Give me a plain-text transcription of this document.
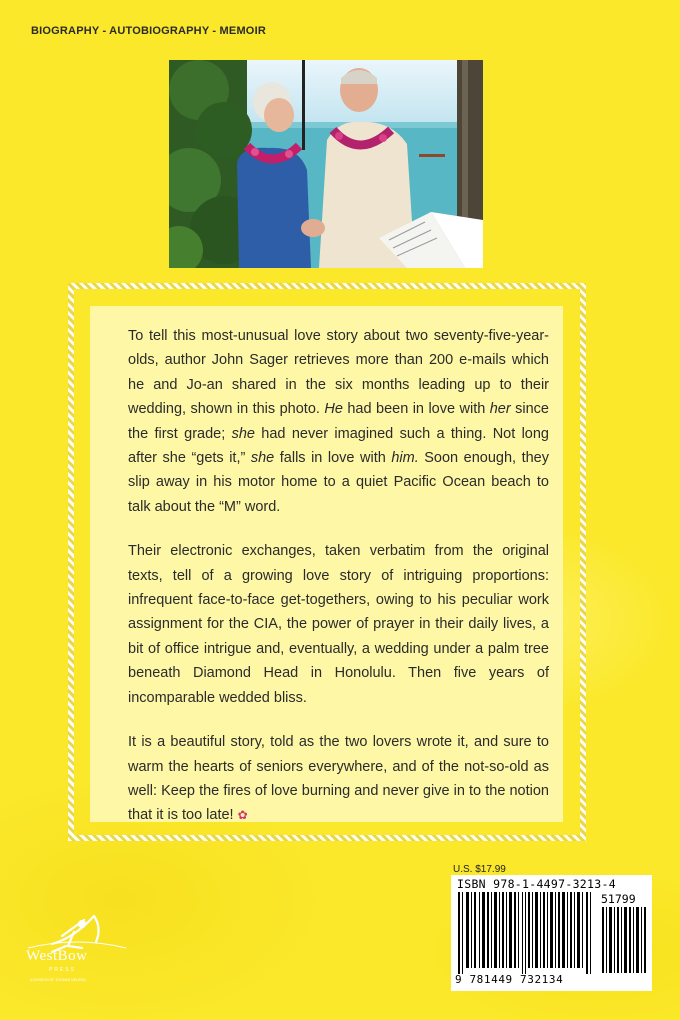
BIOGRAPHY - AUTOBIOGRAPHY - MEMOIR

To tell this most-unusual love story about two seventy-five-year-olds, author John Sager retrieves more than 200 e-mails which he and Jo-an shared in the six months leading up to their wedding, shown in this photo. He had been in love with her since the first grade; she had never imagined such a thing. Not long after she “gets it,” she falls in love with him. Soon enough, they slip away in his motor home to a quiet Pacific Ocean beach to talk about the “M” word.

Their electronic exchanges, taken verbatim from the original texts, tell of a growing love story of intriguing proportions: infrequent face-to-face get-togethers, owing to his peculiar work assignment for the CIA, the power of prayer in their daily lives, a bit of office intrigue and, eventually, a wedding under a palm tree beneath Diamond Head in Honolulu. Then five years of incomparable wedded bliss.

It is a beautiful story, told as the two lovers wrote it, and sure to warm the hearts of seniors everywhere, and of the not-so-old as well: Keep the fires of love burning and never give in to the notion that it is too late! ✿

U.S. $17.99
ISBN 978-1-4497-3213-4
51799
9 781449 732134
WestBow
PRESS
A DIVISION OF THOMAS NELSON
